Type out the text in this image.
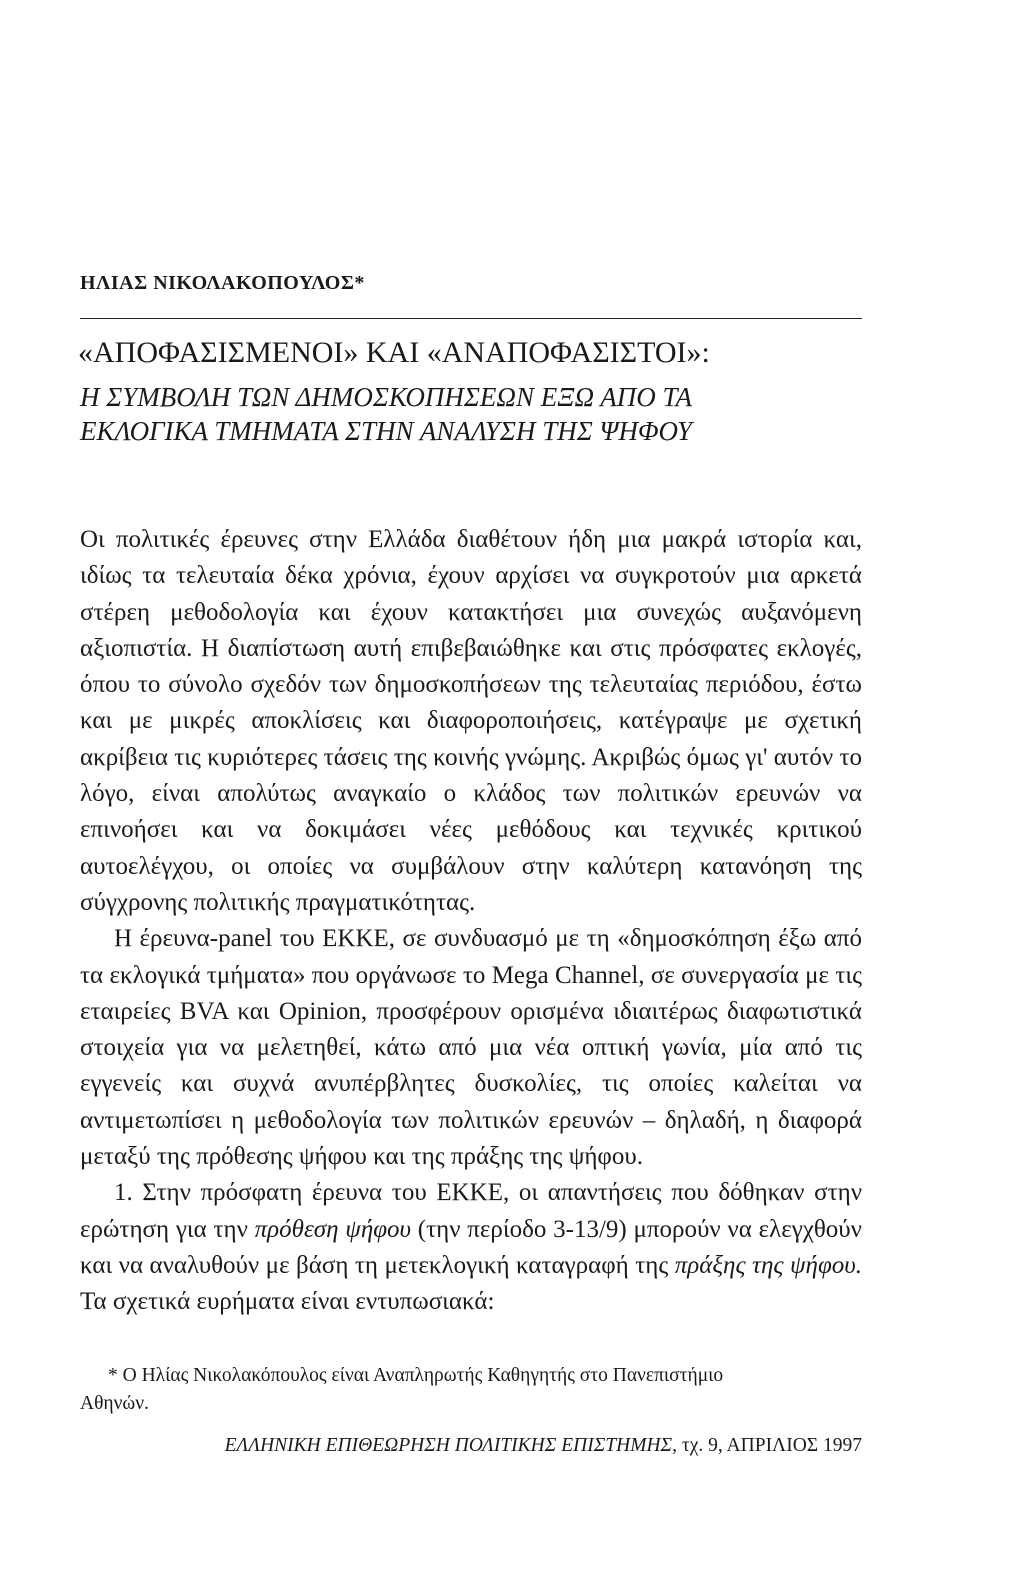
ΗΛΙΑΣ ΝΙΚΟΛΑΚΟΠΟΥΛΟΣ*
«ΑΠΟΦΑΣΙΣΜΕΝΟΙ» ΚΑΙ «ΑΝΑΠΟΦΑΣΙΣΤΟΙ»:
Η ΣΥΜΒΟΛΗ ΤΩΝ ΔΗΜΟΣΚΟΠΗΣΕΩΝ ΕΞΩ ΑΠΟ ΤΑ
ΕΚΛΟΓΙΚΑ ΤΜΗΜΑΤΑ ΣΤΗΝ ΑΝΑΛΥΣΗ ΤΗΣ ΨΗΦΟΥ

Οι πολιτικές έρευνες στην Ελλάδα διαθέτουν ήδη μια μακρά ιστορία και, ιδίως τα τελευταία δέκα χρόνια, έχουν αρχίσει να συγκροτούν μια αρκετά στέρεη μεθοδολογία και έχουν κατακτήσει μια συνεχώς αυξανόμενη αξιοπιστία. Η διαπίστωση αυτή επιβεβαιώθηκε και στις πρόσφατες εκλογές, όπου το σύνολο σχεδόν των δημοσκοπήσεων της τελευταίας περιόδου, έστω και με μικρές αποκλίσεις και διαφοροποιήσεις, κατέγραψε με σχετική ακρίβεια τις κυριότερες τάσεις της κοινής γνώμης. Ακριβώς όμως γι' αυτόν το λόγο, είναι απολύτως αναγκαίο ο κλάδος των πολιτικών ερευνών να επινοήσει και να δοκιμάσει νέες μεθόδους και τεχνικές κριτικού αυτοελέγχου, οι οποίες να συμβάλουν στην καλύτερη κατανόηση της σύγχρονης πολιτικής πραγματικότητας.

Η έρευνα-panel του ΕΚΚΕ, σε συνδυασμό με τη «δημοσκόπηση έξω από τα εκλογικά τμήματα» που οργάνωσε το Mega Channel, σε συνεργασία με τις εταιρείες BVA και Opinion, προσφέρουν ορισμένα ιδιαιτέρως διαφωτιστικά στοιχεία για να μελετηθεί, κάτω από μια νέα οπτική γωνία, μία από τις εγγενείς και συχνά ανυπέρβλητες δυσκολίες, τις οποίες καλείται να αντιμετωπίσει η μεθοδολογία των πολιτικών ερευνών – δηλαδή, η διαφορά μεταξύ της πρόθεσης ψήφου και της πράξης της ψήφου.

1. Στην πρόσφατη έρευνα του ΕΚΚΕ, οι απαντήσεις που δόθηκαν στην ερώτηση για την πρόθεση ψήφου (την περίοδο 3-13/9) μπορούν να ελεγχθούν και να αναλυθούν με βάση τη μετεκλογική καταγραφή της πράξης της ψήφου. Τα σχετικά ευρήματα είναι εντυπωσιακά:

* Ο Ηλίας Νικολακόπουλος είναι Αναπληρωτής Καθηγητής στο Πανεπιστήμιο
Αθηνών.
ΕΛΛΗΝΙΚΗ ΕΠΙΘΕΩΡΗΣΗ ΠΟΛΙΤΙΚΗΣ ΕΠΙΣΤΗΜΗΣ, τχ. 9, ΑΠΡΙΛΙΟΣ 1997
